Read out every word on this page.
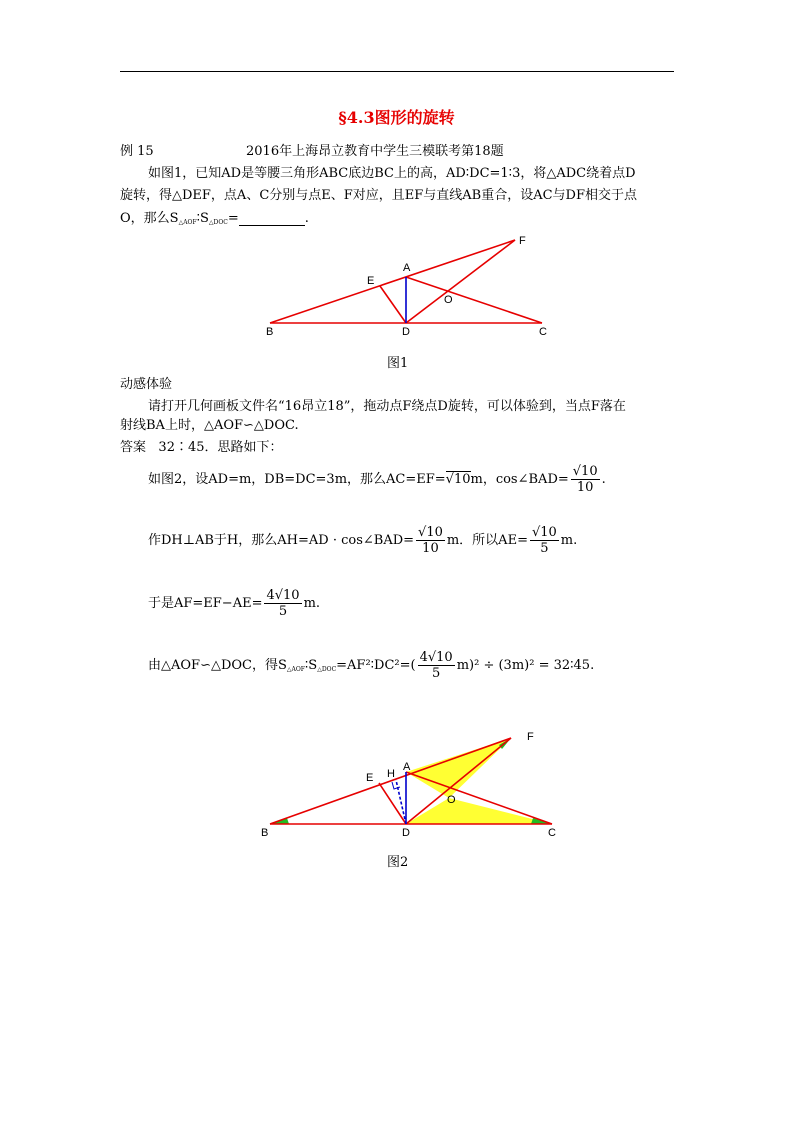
§4.3图形的旋转
例 15	2016年上海昂立教育中学生三模联考第18题
如图1，已知AD是等腰三角形ABC底边BC上的高，AD∶DC=1∶3，将△ADC绕着点D
旋转，得△DEF，点A、C分别与点E、F对应，且EF与直线AB重合，设AC与DF相交于点
O，那么$S_{\triangle AOF}∶S_{\triangle DOC}=$	.
A
B	C
D
E
F
O
图1
动感体验
请打开几何画板文件名“16昂立18”，拖动点F绕点D旋转，可以体验到，当点F落在
射线BA上时，△AOF∽△DOC.
答案 32∶45．思路如下：
如图2，设AD=m，DB=DC=3m，那么AC=EF=√10m，cos∠BAD= $\frac{√10}{10}$ .
作DH⊥AB于H，那么AH=AD · cos∠BAD= $\frac{√10}{10}$ m．所以$AE= \frac{√10}{5} m$.
于是$AF=EF-AE= \frac{4√10}{5} m$.
由△AOF∽△DOC，得$S_{\triangle AOF}∶S_{\triangle DOC}=AF^2∶DC^2=( \frac{4√10}{5} m)^2 \div (3m)^2$ = 32∶45.
A
B	C
D
E
F
O
H
图2
